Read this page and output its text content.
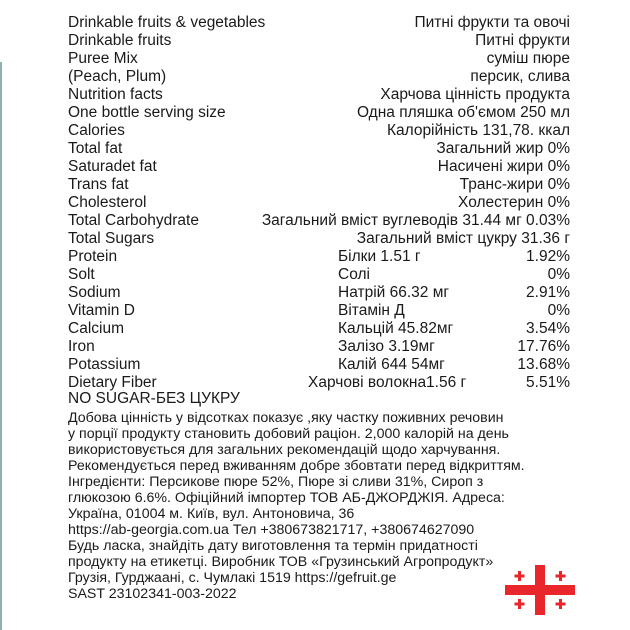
Drinkable fruits & vegetables	Питні фрукти та овочі
Drinkable fruits	Питні фрукти
Puree Mix	суміш пюре
(Peach, Plum)	персик, слива
Nutrition facts	Харчова цінність продукта
One bottle serving size	Одна пляшка об'ємом 250 мл
Calories	Калорійність 131,78. ккал
Total fat	Загальний жир 0%
Saturadet fat	Насичені жири 0%
Trans fat	Транс-жири 0%
Cholesterol	Холестерин 0%
Total Carbohydrate	Загальний вміст вуглеводів 31.44 мг 0.03%
Total Sugars	Загальний вміст цукру 31.36 г
Protein	Білки 1.51 г	1.92%
Solt	Солі	0%
Sodium	Натрій 66.32 мг	2.91%
Vitamin D	Вітамін Д	0%
Calcium	Кальцій 45.82мг	3.54%
Iron	Залізо 3.19мг	17.76%
Potassium	Калій 644 54мг	13.68%
Dietary Fiber	Харчові волокна1.56 г	5.51%
NO SUGAR-БЕЗ ЦУКРУ
Добова цінність у відсотках показує ,яку частку поживних речовин
у порції продукту становить добовий раціон. 2,000 калорій на день
використовується для загальних рекомендацій щодо харчування.
Рекомендується перед вживанням добре збовтати перед відкриттям.
Інгредієнти: Персикове пюре 52%, Пюре зі сливи 31%, Сироп з
глюкозою 6.6%. Офіційний імпортер ТОВ АБ-ДЖОРДЖІЯ. Адреса:
Україна, 01004 м. Київ, вул. Антоновича, 36
https://ab-georgia.com.ua Тел +380673821717, +380674627090
Будь ласка, знайдіть дату виготовлення та термін придатності
продукту на етикетці. Виробник ТОВ «Грузинський Агропродукт»
Грузія, Гурджаані, с. Чумлакі 1519 https://gefruit.ge
SAST 23102341-003-2022
